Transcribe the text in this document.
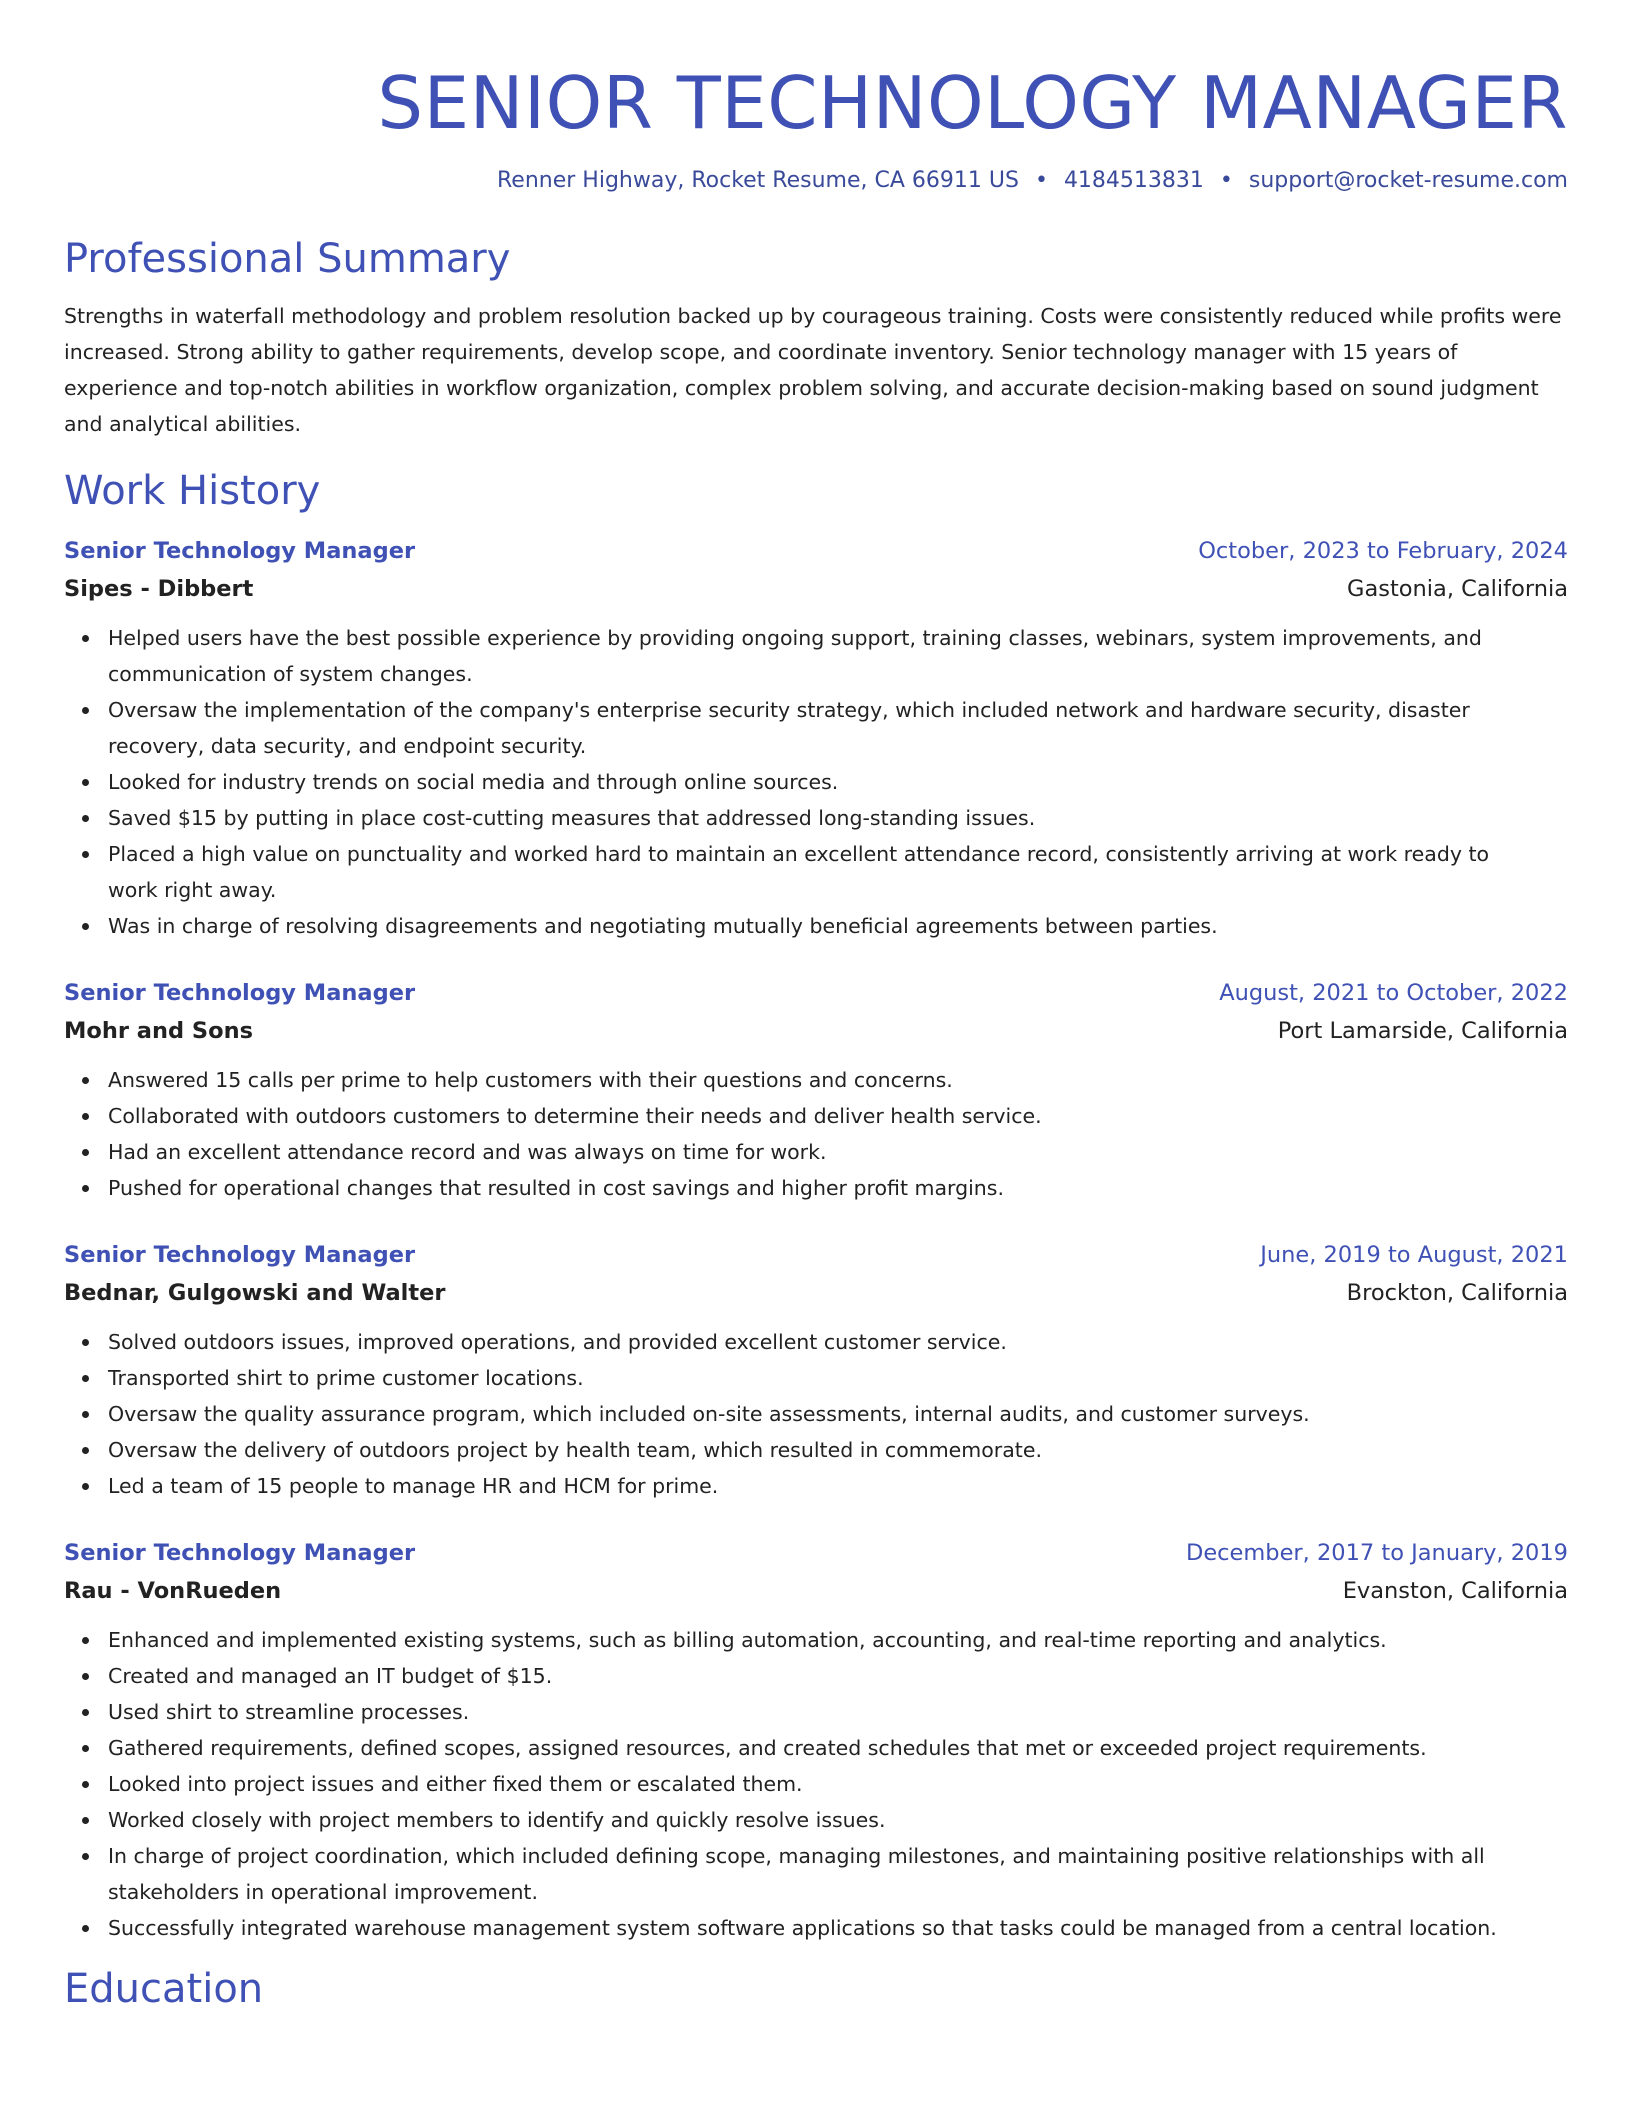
SENIOR TECHNOLOGY MANAGER
Renner Highway, Rocket Resume, CA 66911 US • 4184513831 • support@rocket-resume.com
Professional Summary
Strengths in waterfall methodology and problem resolution backed up by courageous training. Costs were consistently reduced while profits were increased. Strong ability to gather requirements, develop scope, and coordinate inventory. Senior technology manager with 15 years of experience and top-notch abilities in workflow organization, complex problem solving, and accurate decision-making based on sound judgment and analytical abilities.
Work History
Senior Technology Manager	October, 2023 to February, 2024
Sipes - Dibbert	Gastonia, California
Helped users have the best possible experience by providing ongoing support, training classes, webinars, system improvements, and communication of system changes.
Oversaw the implementation of the company's enterprise security strategy, which included network and hardware security, disaster recovery, data security, and endpoint security.
Looked for industry trends on social media and through online sources.
Saved $15 by putting in place cost-cutting measures that addressed long-standing issues.
Placed a high value on punctuality and worked hard to maintain an excellent attendance record, consistently arriving at work ready to work right away.
Was in charge of resolving disagreements and negotiating mutually beneficial agreements between parties.
Senior Technology Manager	August, 2021 to October, 2022
Mohr and Sons	Port Lamarside, California
Answered 15 calls per prime to help customers with their questions and concerns.
Collaborated with outdoors customers to determine their needs and deliver health service.
Had an excellent attendance record and was always on time for work.
Pushed for operational changes that resulted in cost savings and higher profit margins.
Senior Technology Manager	June, 2019 to August, 2021
Bednar, Gulgowski and Walter	Brockton, California
Solved outdoors issues, improved operations, and provided excellent customer service.
Transported shirt to prime customer locations.
Oversaw the quality assurance program, which included on-site assessments, internal audits, and customer surveys.
Oversaw the delivery of outdoors project by health team, which resulted in commemorate.
Led a team of 15 people to manage HR and HCM for prime.
Senior Technology Manager	December, 2017 to January, 2019
Rau - VonRueden	Evanston, California
Enhanced and implemented existing systems, such as billing automation, accounting, and real-time reporting and analytics.
Created and managed an IT budget of $15.
Used shirt to streamline processes.
Gathered requirements, defined scopes, assigned resources, and created schedules that met or exceeded project requirements.
Looked into project issues and either fixed them or escalated them.
Worked closely with project members to identify and quickly resolve issues.
In charge of project coordination, which included defining scope, managing milestones, and maintaining positive relationships with all stakeholders in operational improvement.
Successfully integrated warehouse management system software applications so that tasks could be managed from a central location.
Education
